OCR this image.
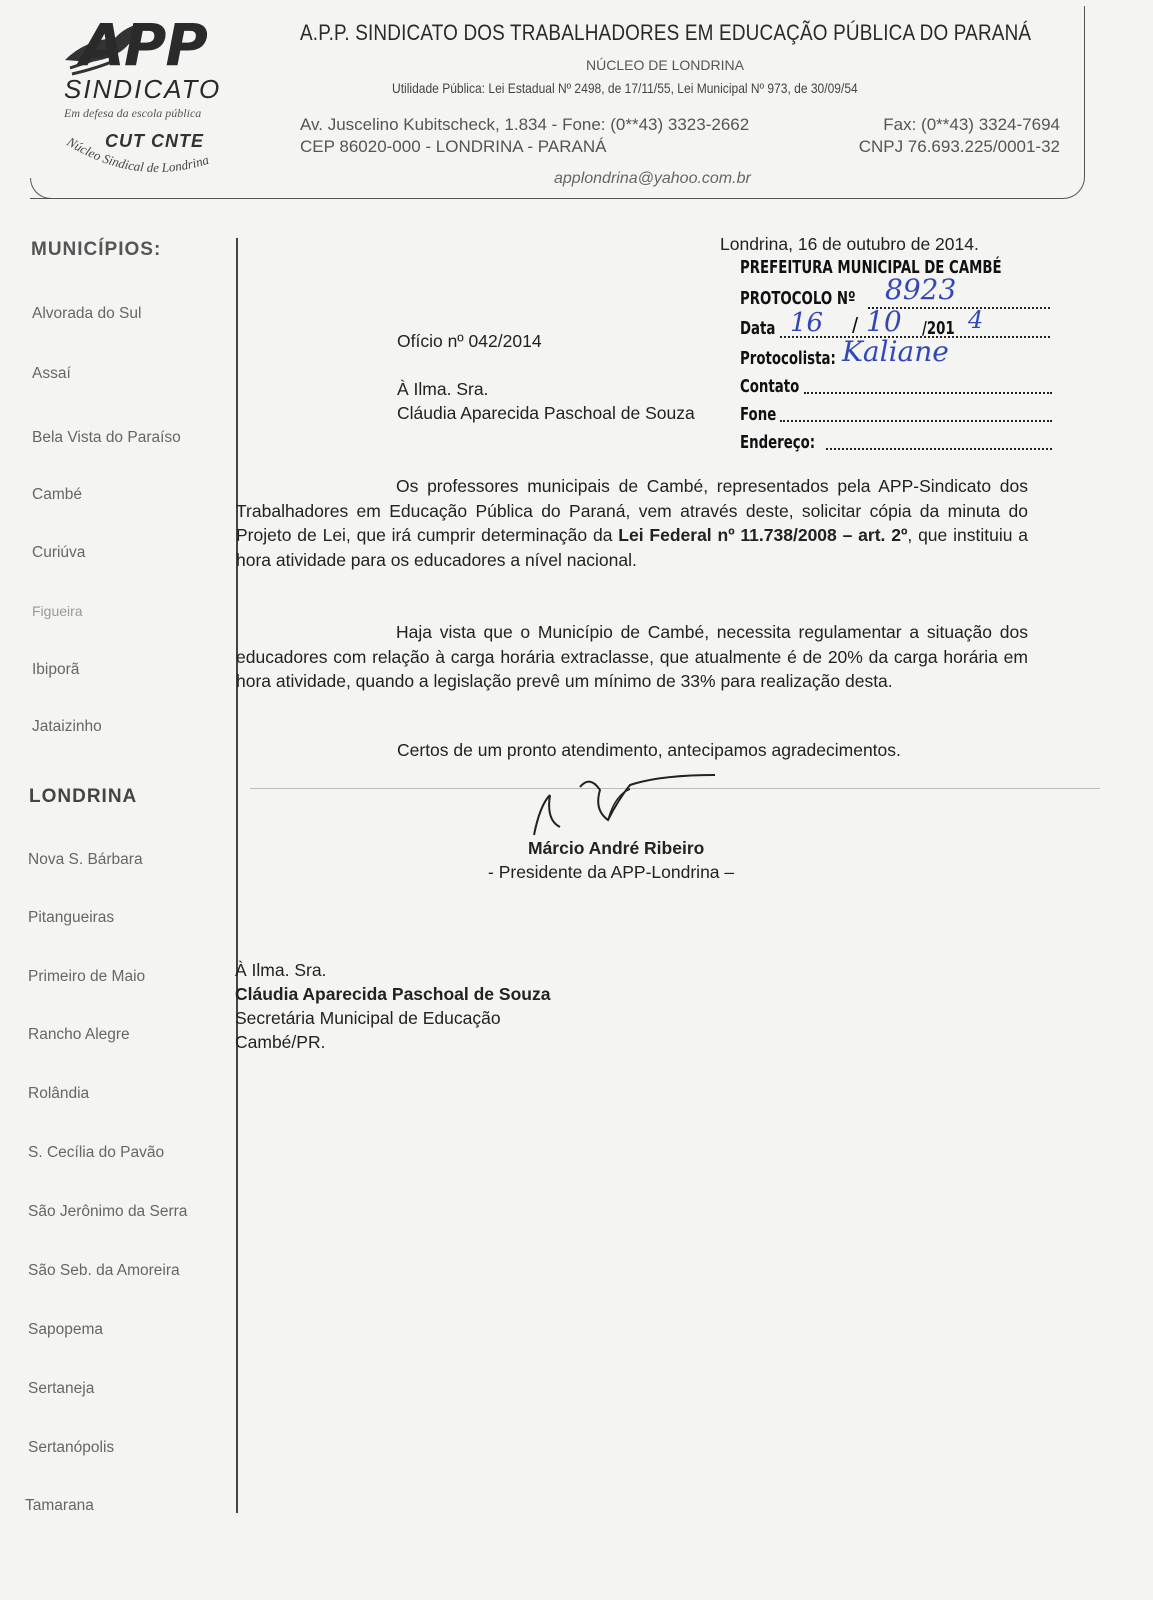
APP
SINDICATO
Em defesa da escola pública
CUT CNTE
Núcleo Sindical de Londrina
A.P.P. SINDICATO DOS TRABALHADORES EM EDUCAÇÃO PÚBLICA DO PARANÁ
NÚCLEO DE LONDRINA
Utilidade Pública: Lei Estadual Nº 2498, de 17/11/55, Lei Municipal Nº 973, de 30/09/54
Av. Juscelino Kubitscheck, 1.834 - Fone: (0**43) 3323-2662	Fax: (0**43) 3324-7694
CEP 86020-000 - LONDRINA - PARANÁ	CNPJ 76.693.225/0001-32
applondrina@yahoo.com.br
MUNICÍPIOS:
Alvorada do Sul
Assaí
Bela Vista do Paraíso
Cambé
Curiúva
Figueira
Ibiporã
Jataizinho
LONDRINA
Nova S. Bárbara
Pitangueiras
Primeiro de Maio
Rancho Alegre
Rolândia
S. Cecília do Pavão
São Jerônimo da Serra
São Seb. da Amoreira
Sapopema
Sertaneja
Sertanópolis
Tamarana
PREFEITURA MUNICIPAL DE CAMBÉ
PROTOCOLO Nº 8923
Data 16 / 10 /201 4
Protocolista: Kaliane
Contato
Fone
Endereço:
Londrina, 16 de outubro de 2014.
Ofício nº 042/2014
À Ilma. Sra.
Cláudia Aparecida Paschoal de Souza
Os professores municipais de Cambé, representados pela APP-Sindicato dos Trabalhadores em Educação Pública do Paraná, vem através deste, solicitar cópia da minuta do Projeto de Lei, que irá cumprir determinação da Lei Federal nº 11.738/2008 – art. 2º, que instituiu a hora atividade para os educadores a nível nacional.
Haja vista que o Município de Cambé, necessita regulamentar a situação dos educadores com relação à carga horária extraclasse, que atualmente é de 20% da carga horária em hora atividade, quando a legislação prevê um mínimo de 33% para realização desta.
Certos de um pronto atendimento, antecipamos agradecimentos.
Márcio André Ribeiro
- Presidente da APP-Londrina –
À Ilma. Sra.
Cláudia Aparecida Paschoal de Souza
Secretária Municipal de Educação
Cambé/PR.
